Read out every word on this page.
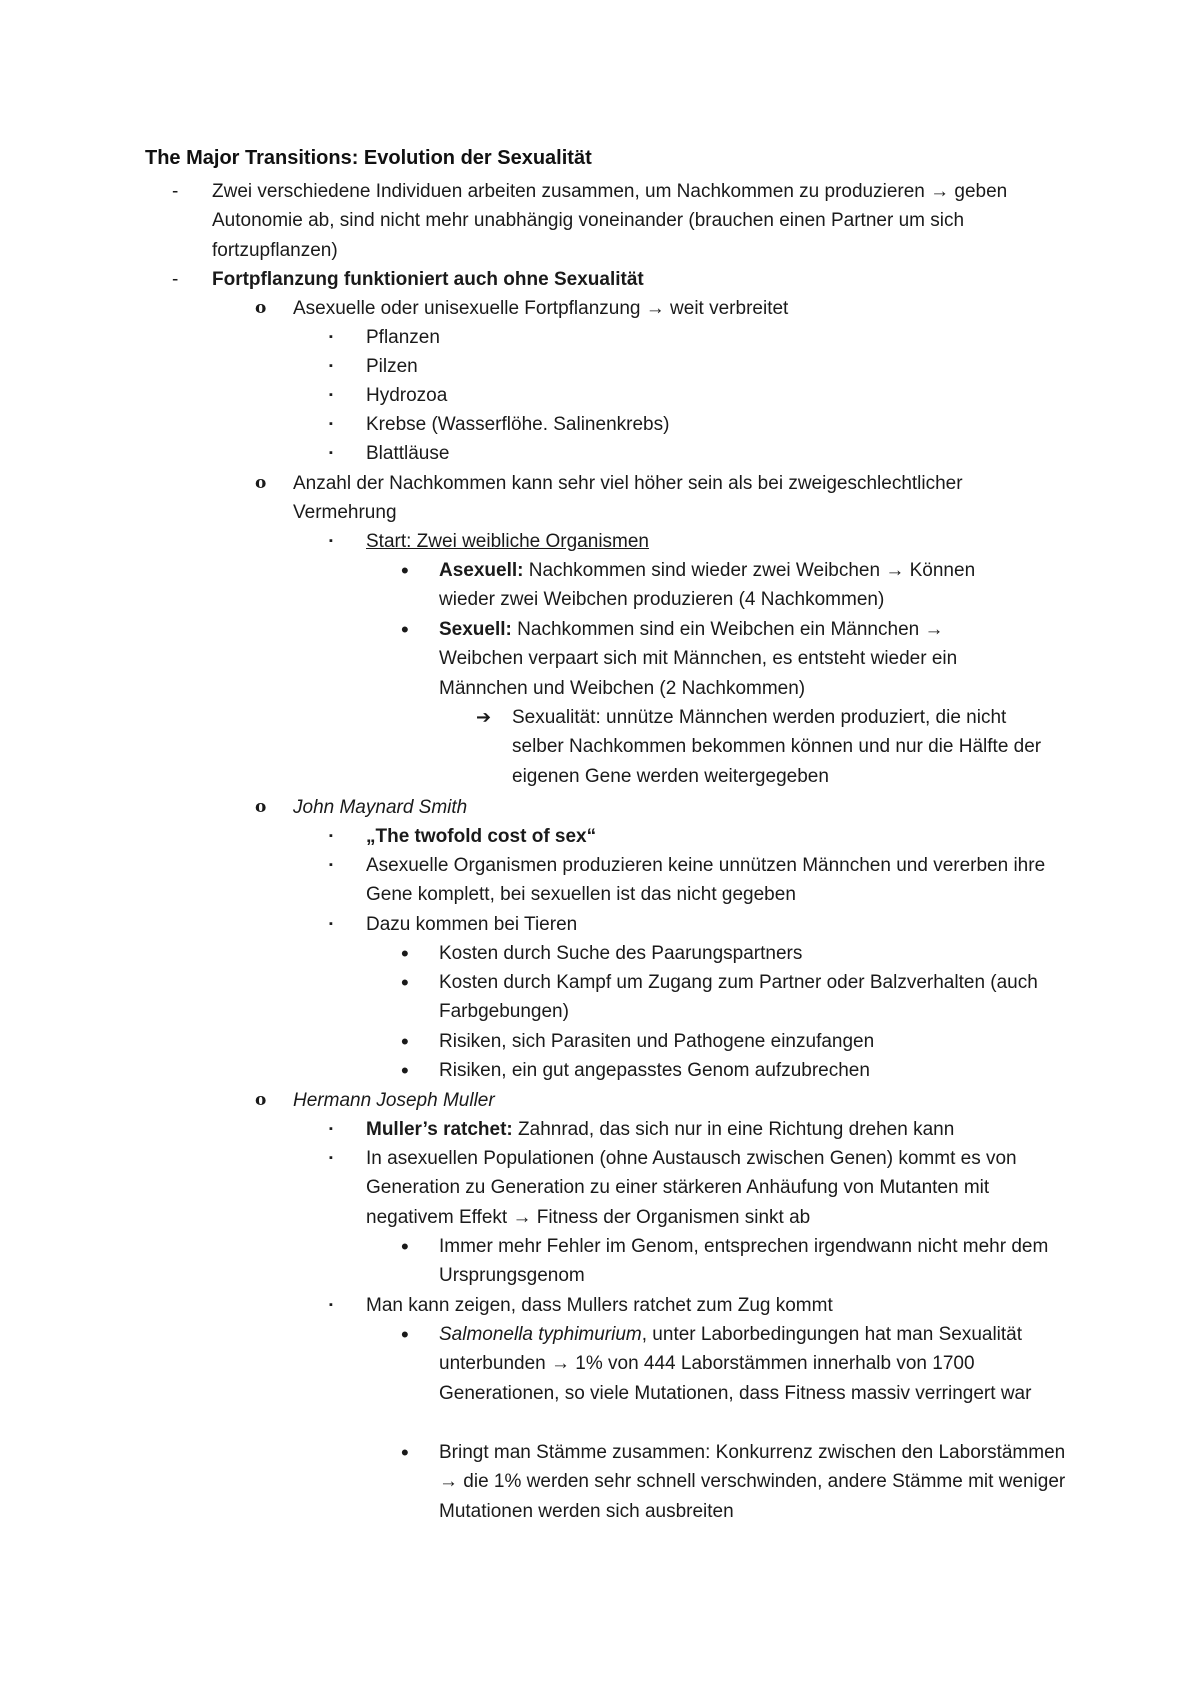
The Major Transitions: Evolution der Sexualität
- Zwei verschiedene Individuen arbeiten zusammen, um Nachkommen zu produzieren → geben Autonomie ab, sind nicht mehr unabhängig voneinander (brauchen einen Partner um sich fortzupflanzen)
- Fortpflanzung funktioniert auch ohne Sexualität
o Asexuelle oder unisexuelle Fortpflanzung → weit verbreitet
▪ Pflanzen
▪ Pilzen
▪ Hydrozoa
▪ Krebse (Wasserflöhe. Salinenkrebs)
▪ Blattläuse
o Anzahl der Nachkommen kann sehr viel höher sein als bei zweigeschlechtlicher Vermehrung
▪ Start: Zwei weibliche Organismen
• Asexuell: Nachkommen sind wieder zwei Weibchen → Können wieder zwei Weibchen produzieren (4 Nachkommen)
• Sexuell: Nachkommen sind ein Weibchen ein Männchen → Weibchen verpaart sich mit Männchen, es entsteht wieder ein Männchen und Weibchen (2 Nachkommen)
➔ Sexualität: unnütze Männchen werden produziert, die nicht selber Nachkommen bekommen können und nur die Hälfte der eigenen Gene werden weitergegeben
o John Maynard Smith
▪ „The twofold cost of sex“
▪ Asexuelle Organismen produzieren keine unnützen Männchen und vererben ihre Gene komplett, bei sexuellen ist das nicht gegeben
▪ Dazu kommen bei Tieren
• Kosten durch Suche des Paarungspartners
• Kosten durch Kampf um Zugang zum Partner oder Balzverhalten (auch Farbgebungen)
• Risiken, sich Parasiten und Pathogene einzufangen
• Risiken, ein gut angepasstes Genom aufzubrechen
o Hermann Joseph Muller
▪ Muller’s ratchet: Zahnrad, das sich nur in eine Richtung drehen kann
▪ In asexuellen Populationen (ohne Austausch zwischen Genen) kommt es von Generation zu Generation zu einer stärkeren Anhäufung von Mutanten mit negativem Effekt → Fitness der Organismen sinkt ab
• Immer mehr Fehler im Genom, entsprechen irgendwann nicht mehr dem Ursprungsgenom
▪ Man kann zeigen, dass Mullers ratchet zum Zug kommt
• Salmonella typhimurium, unter Laborbedingungen hat man Sexualität unterbunden → 1% von 444 Laborstämmen innerhalb von 1700 Generationen, so viele Mutationen, dass Fitness massiv verringert war
• Bringt man Stämme zusammen: Konkurrenz zwischen den Laborstämmen → die 1% werden sehr schnell verschwinden, andere Stämme mit weniger Mutationen werden sich ausbreiten
